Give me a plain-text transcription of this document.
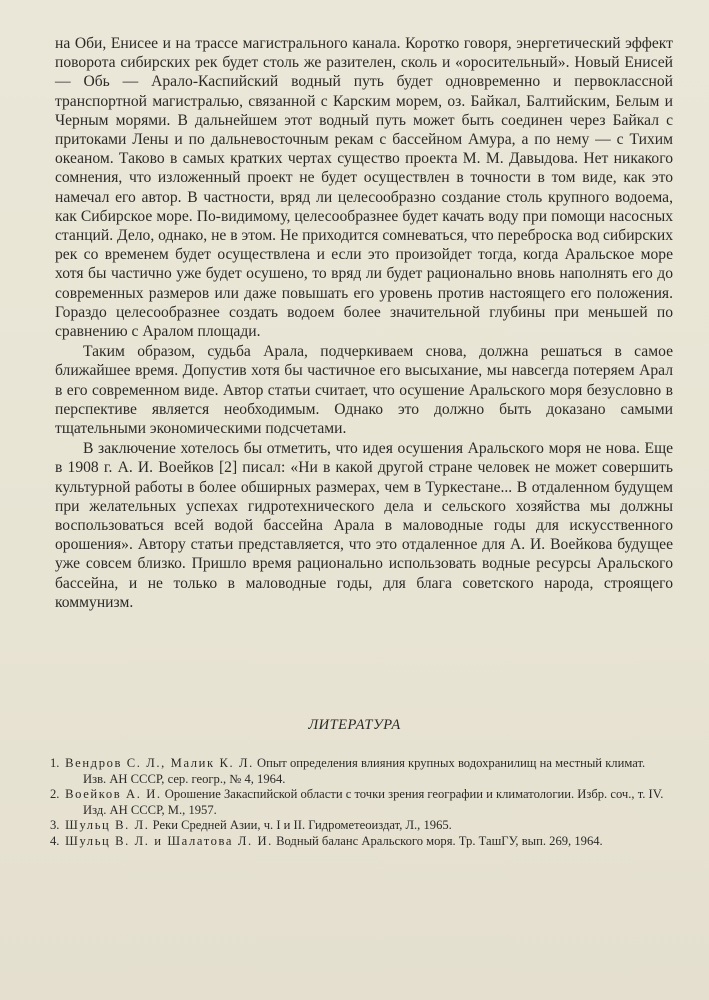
на Оби, Енисее и на трассе магистрального канала. Коротко говоря, энергетический эффект поворота сибирских рек будет столь же разителен, сколь и «оросительный». Новый Енисей — Обь — Арало-Каспийский водный путь будет одновременно и первоклассной транспортной магистралью, связанной с Карским морем, оз. Байкал, Балтийским, Белым и Черным морями. В дальнейшем этот водный путь может быть соединен через Байкал с притоками Лены и по дальневосточным рекам с бассейном Амура, а по нему — с Тихим океаном. Таково в самых кратких чертах существо проекта М. М. Давыдова. Нет никакого сомнения, что изложенный проект не будет осуществлен в точности в том виде, как это намечал его автор. В частности, вряд ли целесообразно создание столь крупного водоема, как Сибирское море. По-видимому, целесообразнее будет качать воду при помощи насосных станций. Дело, однако, не в этом. Не приходится сомневаться, что переброска вод сибирских рек со временем будет осуществлена и если это произойдет тогда, когда Аральское море хотя бы частично уже будет осушено, то вряд ли будет рационально вновь наполнять его до современных размеров или даже повышать его уровень против настоящего его положения. Гораздо целесообразнее создать водоем более значительной глубины при меньшей по сравнению с Аралом площади.

Таким образом, судьба Арала, подчеркиваем снова, должна решаться в самое ближайшее время. Допустив хотя бы частичное его высыхание, мы навсегда потеряем Арал в его современном виде. Автор статьи считает, что осушение Аральского моря безусловно в перспективе является необходимым. Однако это должно быть доказано самыми тщательными экономическими подсчетами.

В заключение хотелось бы отметить, что идея осушения Аральского моря не нова. Еще в 1908 г. А. И. Воейков [2] писал: «Ни в какой другой стране человек не может совершить культурной работы в более обширных размерах, чем в Туркестане... В отдаленном будущем при желательных успехах гидротехнического дела и сельского хозяйства мы должны воспользоваться всей водой бассейна Арала в маловодные годы для искусственного орошения». Автору статьи представляется, что это отдаленное для А. И. Воейкова будущее уже совсем близко. Пришло время рационально использовать водные ресурсы Аральского бассейна, и не только в маловодные годы, для блага советского народа, строящего коммунизм.

ЛИТЕРАТУРА

1. Вендров С. Л., Малик К. Л. Опыт определения влияния крупных водохранилищ на местный климат. Изв. АН СССР, сер. геогр., № 4, 1964.

2. Воейков А. И. Орошение Закаспийской области с точки зрения географии и климатологии. Избр. соч., т. IV. Изд. АН СССР, М., 1957.

3. Шульц В. Л. Реки Средней Азии, ч. I и II. Гидрометеоиздат, Л., 1965.

4. Шульц В. Л. и Шалатова Л. И. Водный баланс Аральского моря. Тр. ТашГУ, вып. 269, 1964.
